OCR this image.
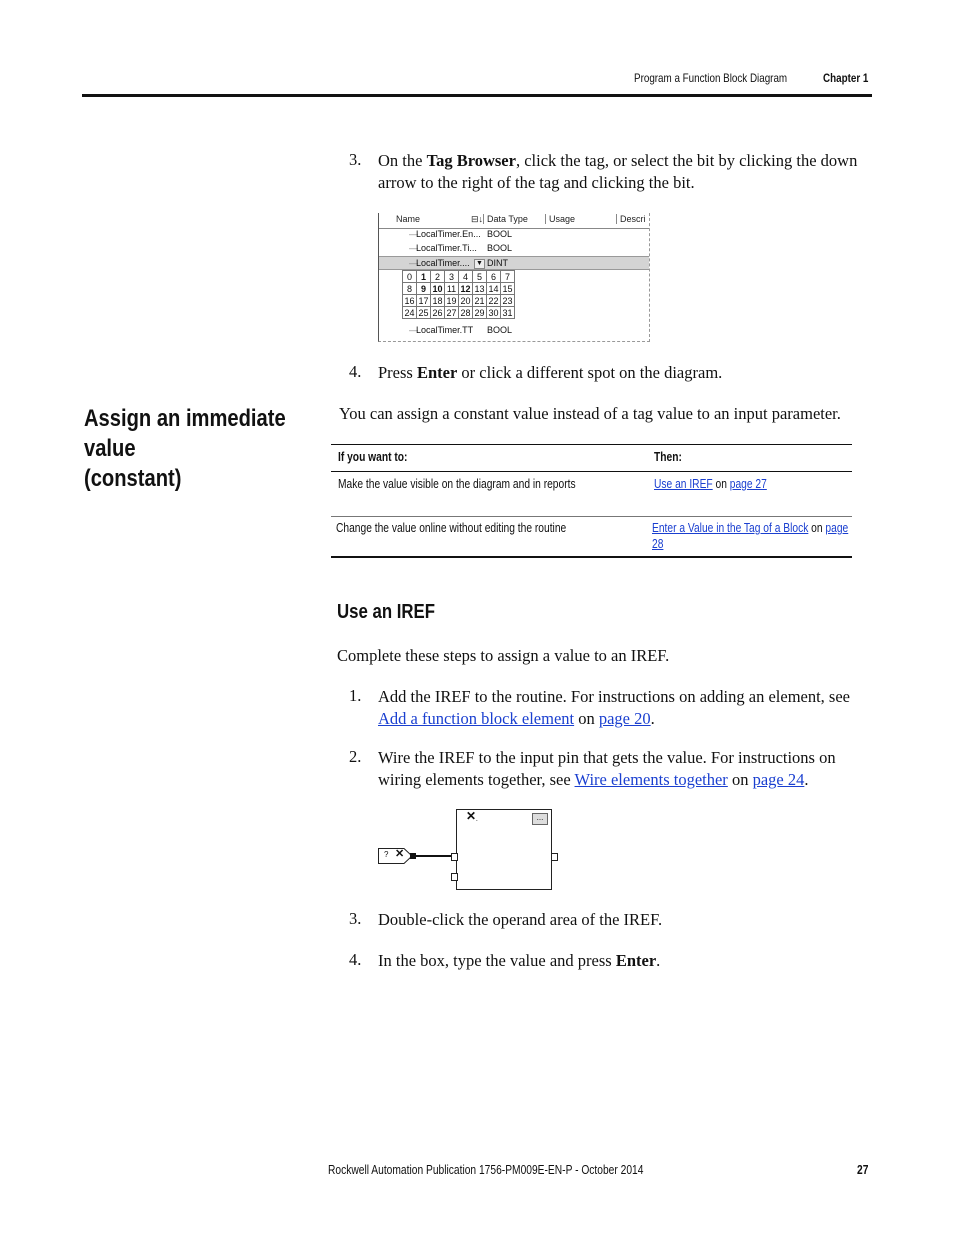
Program a Function Block Diagram	Chapter 1
3. On the Tag Browser, click the tag, or select the bit by clicking the down arrow to the right of the tag and clicking the bit.
Name	⊟↓ Data Type	Usage	Descri
—
LocalTimer.En... BOOL
—
LocalTimer.Ti... BOOL
—
LocalTimer.... ▼ DINT
0	1	2	3	4	5	6	7
8	9	10	11	12	13	14	15
16	17	18	19	20	21	22	23
24	25	26	27	28	29	30	31
—
LocalTimer.TT BOOL
4. Press Enter or click a different spot on the diagram.
Assign an immediate value
(constant)
You can assign a constant value instead of a tag value to an input parameter.
If you want to:	Then:
Make the value visible on the diagram and in reports	Use an IREF on page 27
Change the value online without editing the routine	Enter a Value in the Tag of a Block on page
28
Use an IREF
Complete these steps to assign a value to an IREF.
1. Add the IREF to the routine. For instructions on adding an element, see Add a function block element on page 20.
2. Wire the IREF to the input pin that gets the value. For instructions on wiring elements together, see Wire elements together on page 24.
? ✕
✕ .	...
3. Double-click the operand area of the IREF.
4. In the box, type the value and press Enter.
Rockwell Automation Publication 1756-PM009E-EN-P - October 2014	27
